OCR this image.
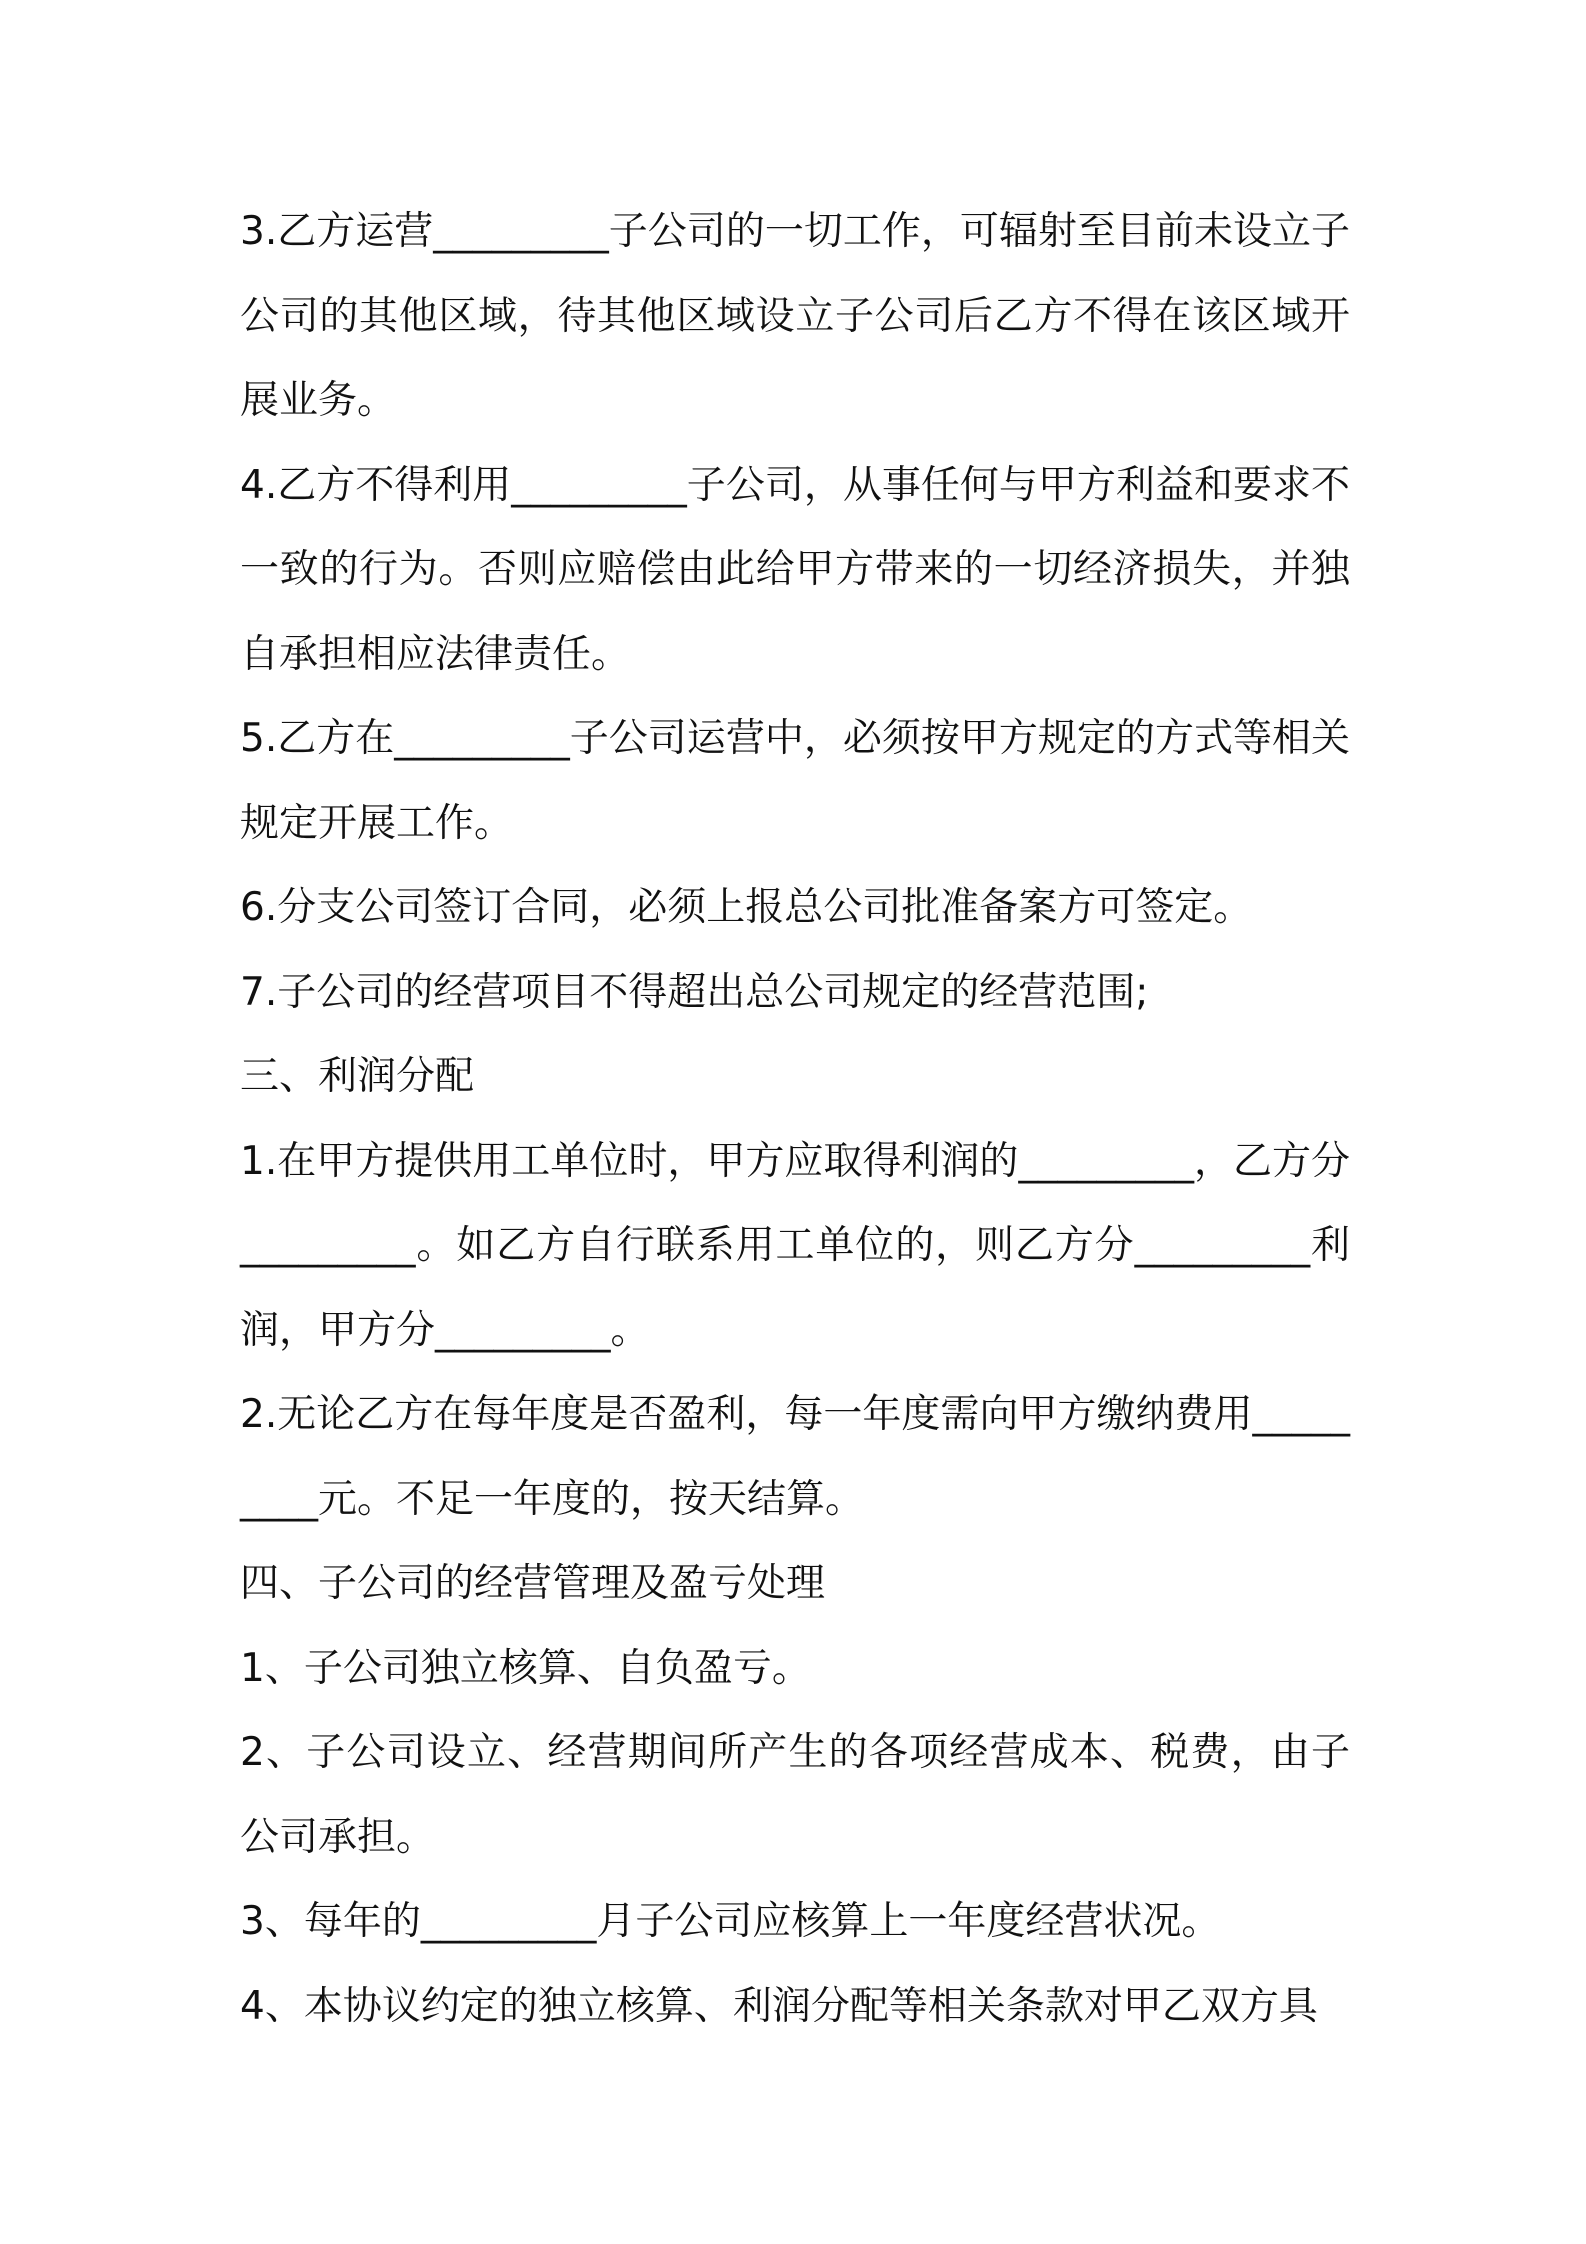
3.乙方运营_________子公司的一切工作，可辐射至目前未设立子公司的其他区域，待其他区域设立子公司后乙方不得在该区域开展业务。

4.乙方不得利用_________子公司，从事任何与甲方利益和要求不一致的行为。否则应赔偿由此给甲方带来的一切经济损失，并独自承担相应法律责任。

5.乙方在_________子公司运营中，必须按甲方规定的方式等相关规定开展工作。

6.分支公司签订合同，必须上报总公司批准备案方可签定。

7.子公司的经营项目不得超出总公司规定的经营范围;

三、利润分配

1.在甲方提供用工单位时，甲方应取得利润的_________，乙方分_________。如乙方自行联系用工单位的，则乙方分_________利润，甲方分_________。

2.无论乙方在每年度是否盈利，每一年度需向甲方缴纳费用_________元。不足一年度的，按天结算。

四、子公司的经营管理及盈亏处理

1、子公司独立核算、自负盈亏。

2、子公司设立、经营期间所产生的各项经营成本、税费，由子公司承担。

3、每年的_________月子公司应核算上一年度经营状况。

4、本协议约定的独立核算、利润分配等相关条款对甲乙双方具
